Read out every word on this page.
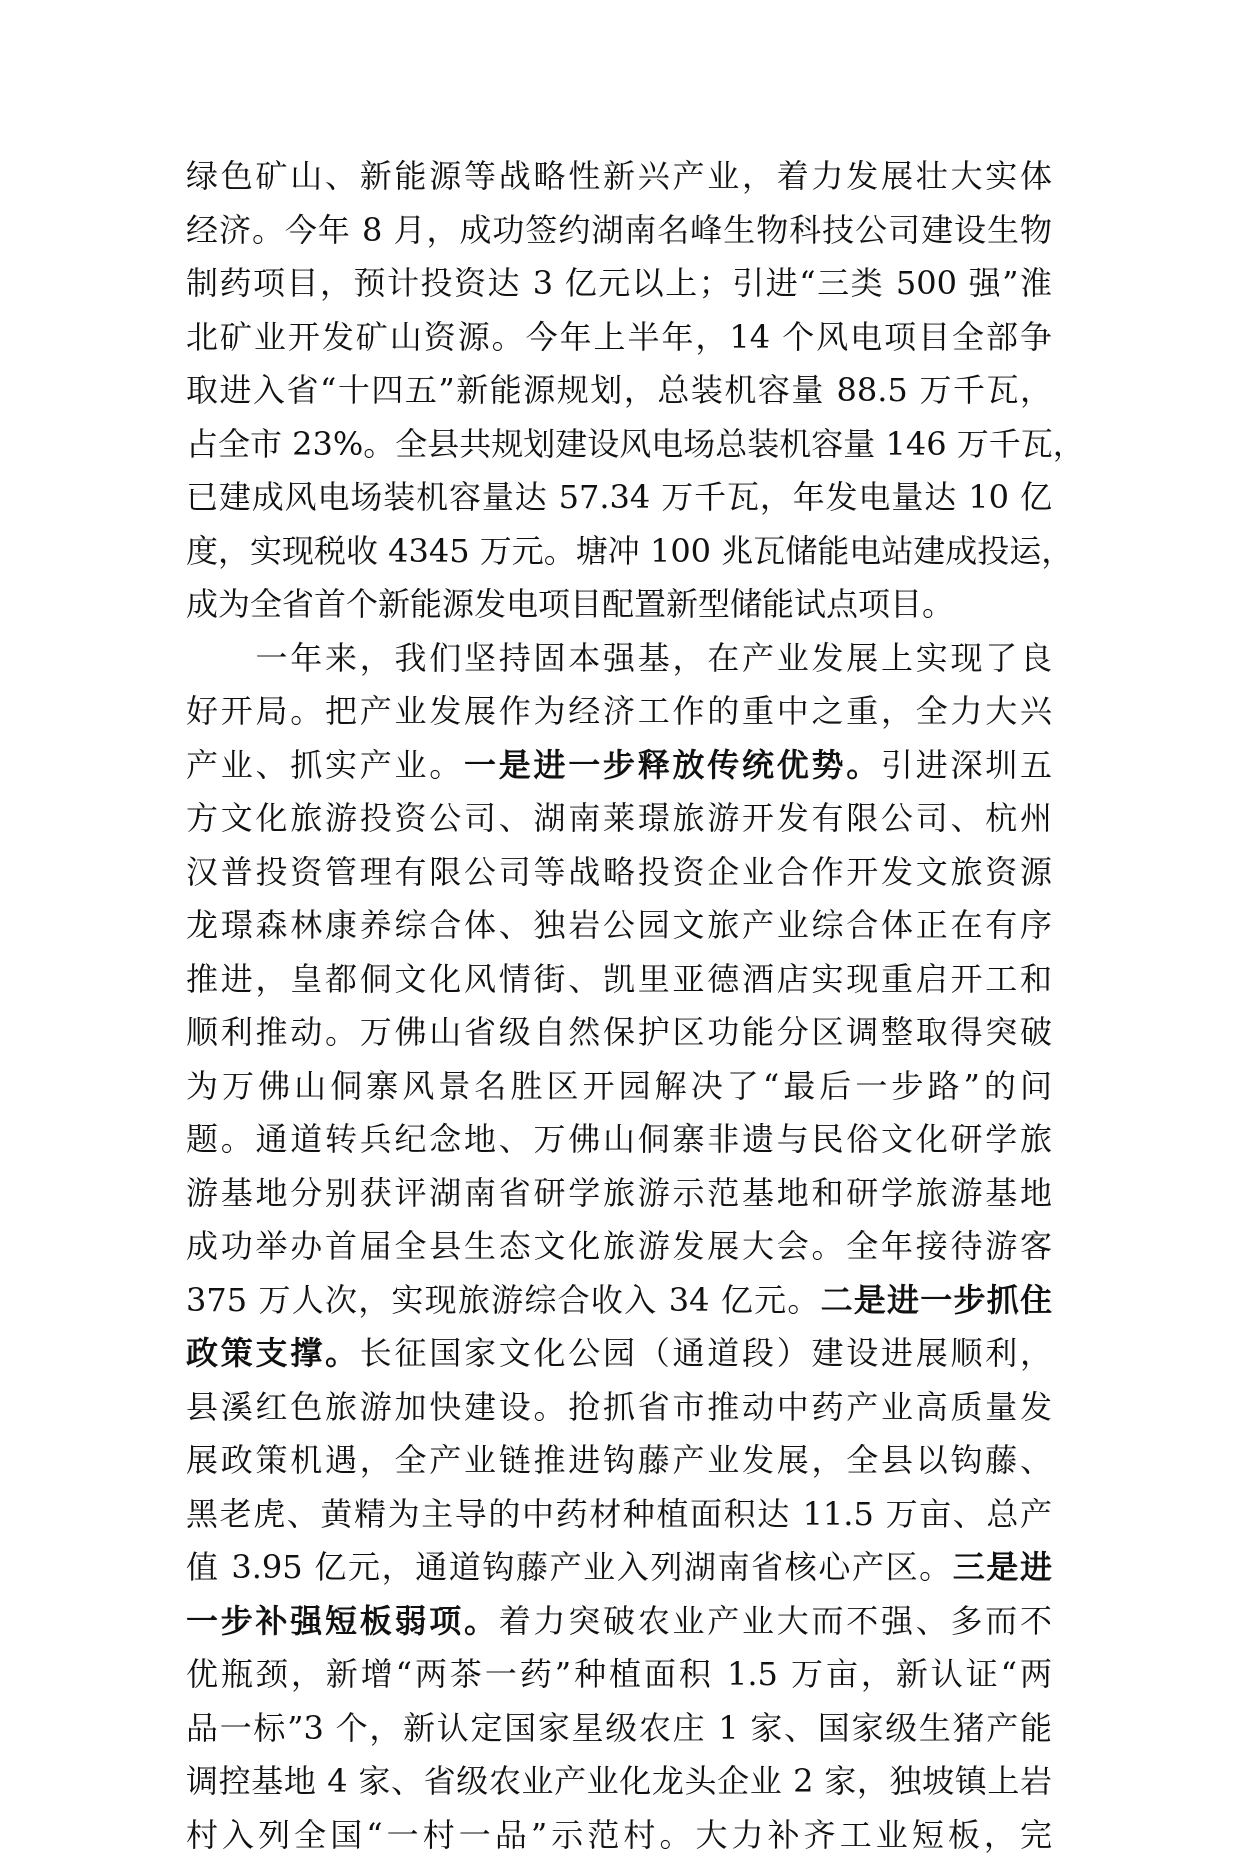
绿色矿山、新能源等战略性新兴产业，着力发展壮大实体
经济。今年 8 月，成功签约湖南名峰生物科技公司建设生物
制药项目，预计投资达 3 亿元以上；引进“三类 500 强”淮
北矿业开发矿山资源。今年上半年，14 个风电项目全部争
取进入省“十四五”新能源规划，总装机容量 88.5 万千瓦，
占全市 23%。全县共规划建设风电场总装机容量 146 万千瓦，
已建成风电场装机容量达 57.34 万千瓦，年发电量达 10 亿
度，实现税收 4345 万元。塘冲 100 兆瓦储能电站建成投运，
成为全省首个新能源发电项目配置新型储能试点项目。
　　一年来，我们坚持固本强基，在产业发展上实现了良
好开局。把产业发展作为经济工作的重中之重，全力大兴
产业、抓实产业。一是进一步释放传统优势。引进深圳五
方文化旅游投资公司、湖南莱璟旅游开发有限公司、杭州
汉普投资管理有限公司等战略投资企业合作开发文旅资源
龙璟森林康养综合体、独岩公园文旅产业综合体正在有序
推进，皇都侗文化风情街、凯里亚德酒店实现重启开工和
顺利推动。万佛山省级自然保护区功能分区调整取得突破
为万佛山侗寨风景名胜区开园解决了“最后一步路”的问
题。通道转兵纪念地、万佛山侗寨非遗与民俗文化研学旅
游基地分别获评湖南省研学旅游示范基地和研学旅游基地
成功举办首届全县生态文化旅游发展大会。全年接待游客
375 万人次，实现旅游综合收入 34 亿元。二是进一步抓住
政策支撑。长征国家文化公园（通道段）建设进展顺利，
县溪红色旅游加快建设。抢抓省市推动中药产业高质量发
展政策机遇，全产业链推进钩藤产业发展，全县以钩藤、
黑老虎、黄精为主导的中药材种植面积达 11.5 万亩、总产
值 3.95 亿元，通道钩藤产业入列湖南省核心产区。三是进
一步补强短板弱项。着力突破农业产业大而不强、多而不
优瓶颈，新增“两茶一药”种植面积 1.5 万亩，新认证“两
品一标”3 个，新认定国家星级农庄 1 家、国家级生猪产能
调控基地 4 家、省级农业产业化龙头企业 2 家，独坡镇上岩
村入列全国“一村一品”示范村。大力补齐工业短板，完
